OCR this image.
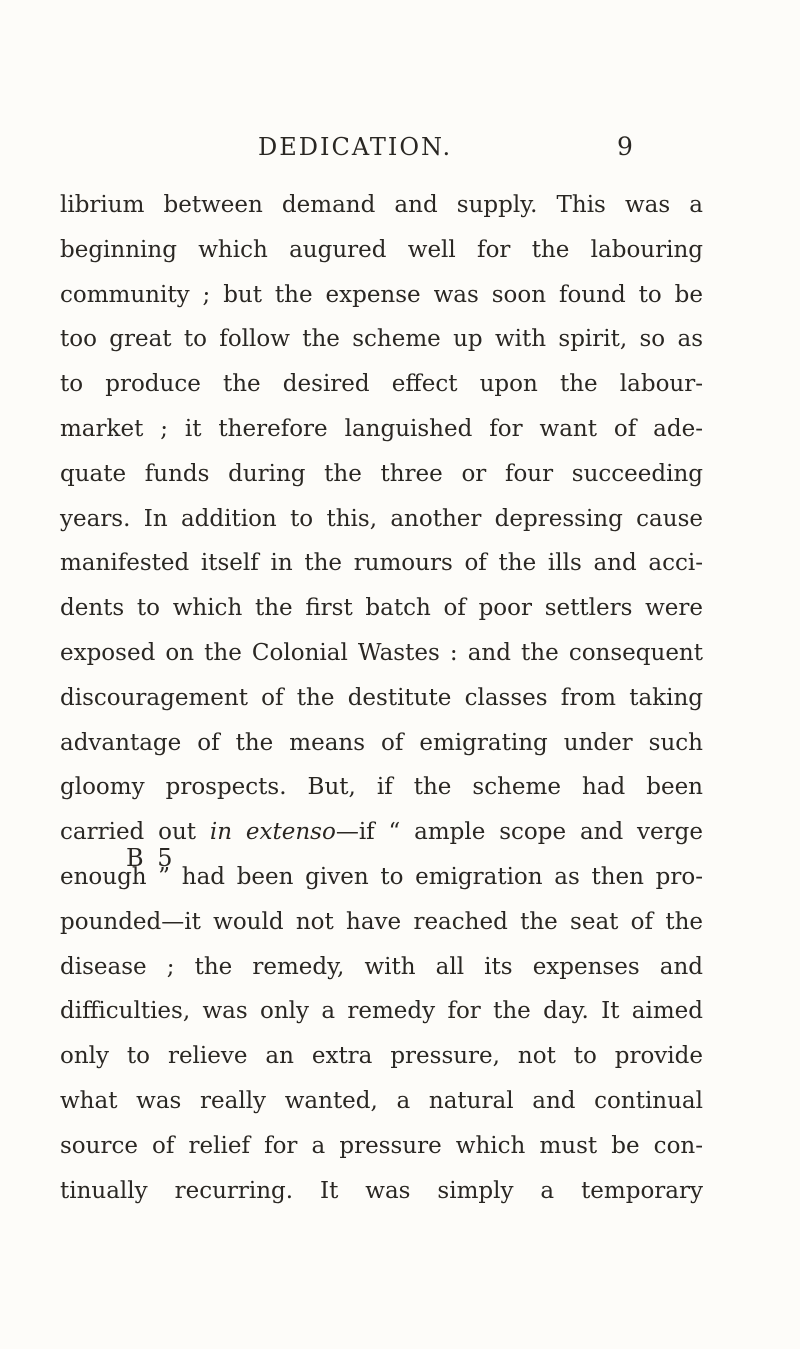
DEDICATION.	9
librium between demand and supply. This was a
beginning which augured well for the labouring
community ; but the expense was soon found to be
too great to follow the scheme up with spirit, so as
to produce the desired effect upon the labour-
market ; it therefore languished for want of ade-
quate funds during the three or four succeeding
years. In addition to this, another depressing cause
manifested itself in the rumours of the ills and acci-
dents to which the first batch of poor settlers were
exposed on the Colonial Wastes : and the consequent
discouragement of the destitute classes from taking
advantage of the means of emigrating under such
gloomy prospects. But, if the scheme had been
carried out in extenso—if “ ample scope and verge
enough ” had been given to emigration as then pro-
pounded—it would not have reached the seat of the
disease ; the remedy, with all its expenses and
difficulties, was only a remedy for the day. It aimed
only to relieve an extra pressure, not to provide
what was really wanted, a natural and continual
source of relief for a pressure which must be con-
tinually recurring. It was simply a temporary
B 5
